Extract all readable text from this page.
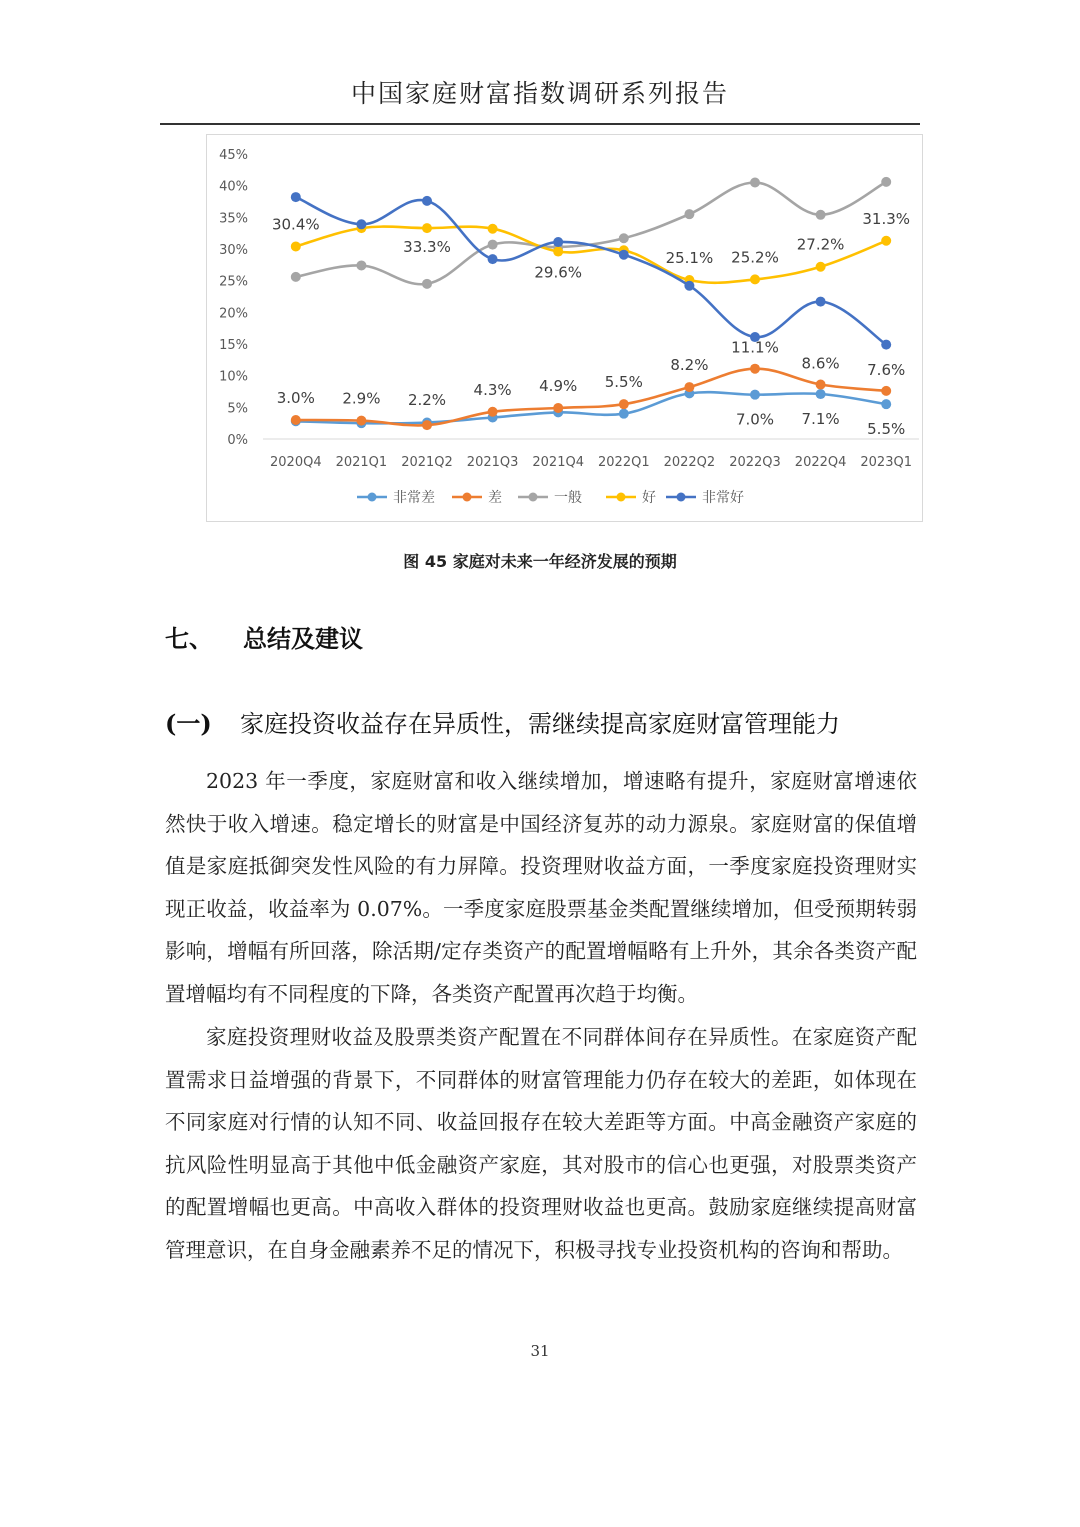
中国家庭财富指数调研系列报告
0%
5%
10%
15%
20%
25%
30%
35%
40%
45%
2020Q4 2021Q1 2021Q2 2021Q3 2021Q4 2022Q1 2022Q2 2022Q3 2022Q4 2023Q1
30.4%
33.3%
29.6%
25.1% 25.2%
27.2%
31.3%
3.0% 2.9% 2.2%
4.3% 4.9% 5.5%
8.2%
11.1%
8.6% 7.6%
7.0% 7.1%
5.5%
非常差	差	一般	好	非常好
图 45 家庭对未来一年经济发展的预期
七、 总结及建议
(一) 家庭投资收益存在异质性，需继续提高家庭财富管理能力

2023 年一季度，家庭财富和收入继续增加，增速略有提升，家庭财富增速依然快于收入增速。稳定增长的财富是中国经济复苏的动力源泉。家庭财富的保值增值是家庭抵御突发性风险的有力屏障。投资理财收益方面，一季度家庭投资理财实现正收益，收益率为 0.07%。一季度家庭股票基金类配置继续增加，但受预期转弱影响，增幅有所回落，除活期/定存类资产的配置增幅略有上升外，其余各类资产配置增幅均有不同程度的下降，各类资产配置再次趋于均衡。

家庭投资理财收益及股票类资产配置在不同群体间存在异质性。在家庭资产配置需求日益增强的背景下，不同群体的财富管理能力仍存在较大的差距，如体现在不同家庭对行情的认知不同、收益回报存在较大差距等方面。中高金融资产家庭的抗风险性明显高于其他中低金融资产家庭，其对股市的信心也更强，对股票类资产的配置增幅也更高。中高收入群体的投资理财收益也更高。鼓励家庭继续提高财富管理意识，在自身金融素养不足的情况下，积极寻找专业投资机构的咨询和帮助。

31
